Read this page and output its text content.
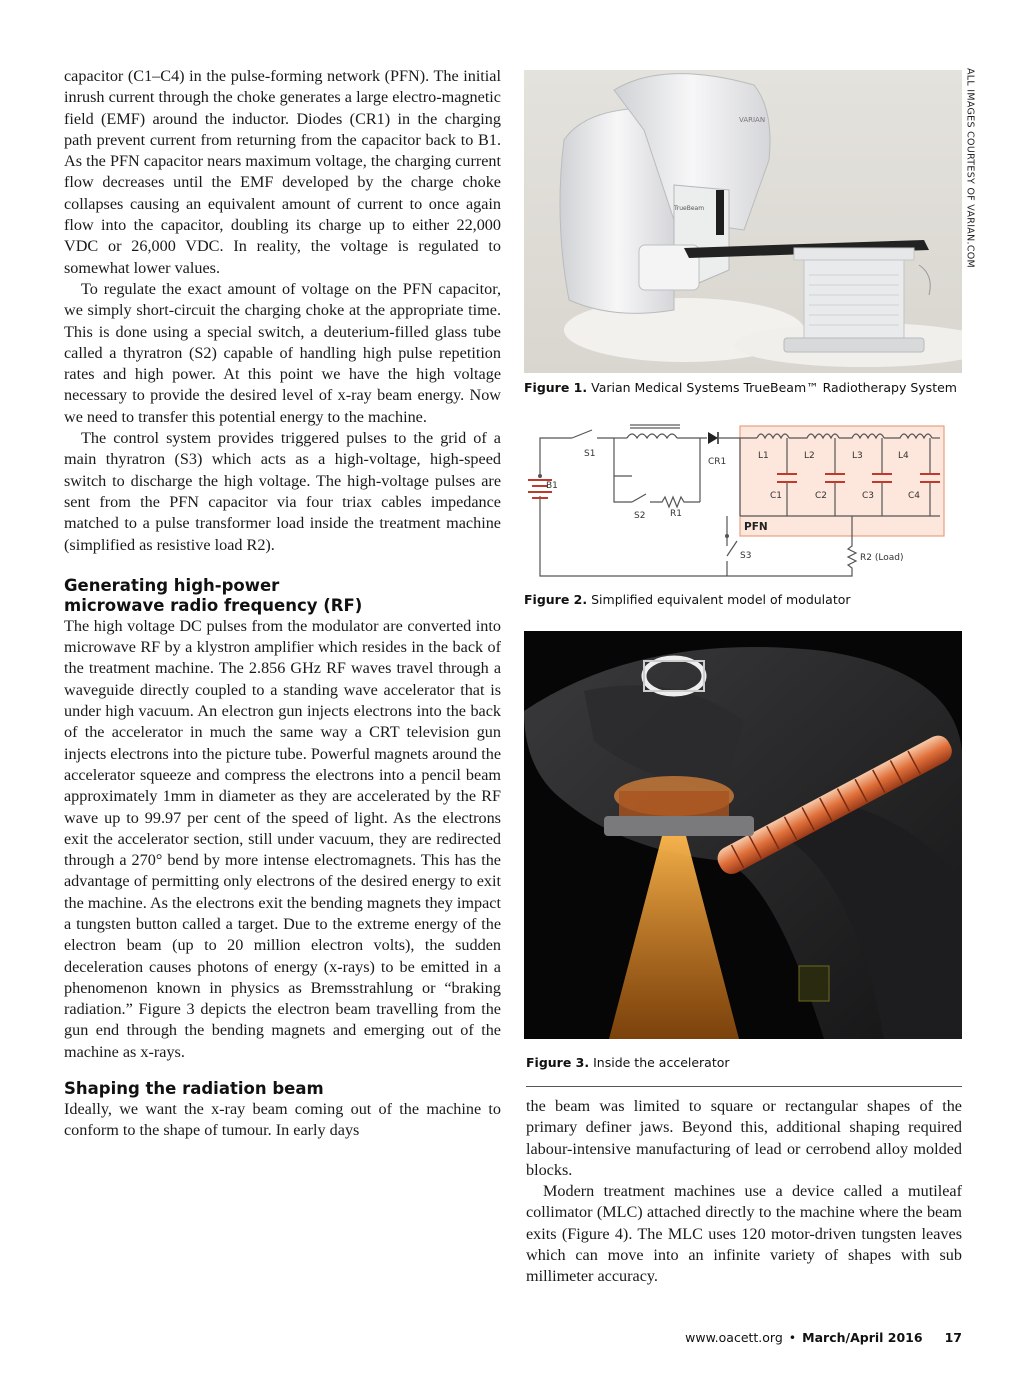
capacitor (C1–C4) in the pulse-forming network (PFN). The initial inrush current through the choke generates a large electro-magnetic field (EMF) around the inductor. Diodes (CR1) in the charging path prevent current from returning from the capacitor back to B1. As the PFN capacitor nears maximum voltage, the charging current flow decreases until the EMF developed by the charge choke collapses causing an equivalent amount of current to once again flow into the capacitor, doubling its charge up to either 22,000 VDC or 26,000 VDC. In reality, the voltage is regulated to somewhat lower values.

To regulate the exact amount of voltage on the PFN capacitor, we simply short-circuit the charging choke at the appropriate time. This is done using a special switch, a deuterium-filled glass tube called a thyratron (S2) capable of handling high pulse repetition rates and high power. At this point we have the high voltage necessary to provide the desired level of x-ray beam energy. Now we need to transfer this potential energy to the machine.

The control system provides triggered pulses to the grid of a main thyratron (S3) which acts as a high-voltage, high-speed switch to discharge the high voltage. The high-voltage pulses are sent from the PFN capacitor via four triax cables impedance matched to a pulse transformer load inside the treatment machine (simplified as resistive load R2).

Generating high-power microwave radio frequency (RF)

The high voltage DC pulses from the modulator are converted into microwave RF by a klystron amplifier which resides in the back of the treatment machine. The 2.856 GHz RF waves travel through a waveguide directly coupled to a standing wave accelerator that is under high vacuum. An electron gun injects electrons into the back of the accelerator in much the same way a CRT television gun injects electrons into the picture tube. Powerful magnets around the accelerator squeeze and compress the electrons into a pencil beam approximately 1mm in diameter as they are accelerated by the RF wave up to 99.97 per cent of the speed of light. As the electrons exit the accelerator section, still under vacuum, they are redirected through a 270° bend by more intense electromagnets. This has the advantage of permitting only electrons of the desired energy to exit the machine. As the electrons exit the bending magnets they impact a tungsten button called a target. Due to the extreme energy of the electron beam (up to 20 million electron volts), the sudden deceleration causes photons of energy (x-rays) to be emitted in a phenomenon known in physics as Bremsstrahlung or “braking radiation.” Figure 3 depicts the electron beam travelling from the gun end through the bending magnets and emerging out of the machine as x-rays.

Shaping the radiation beam

Ideally, we want the x-ray beam coming out of the machine to conform to the shape of tumour. In early days

VARIAN
TrueBeam	ALL IMAGES COURTESY OF VARIAN.COM
Figure 1. Varian Medical Systems TrueBeam™ Radiotherapy System
S1
CR1
B1
S2	R1
L1	L2	L3	L4
C1	C2	C3	C4
PFN
S3	R2 (Load)
Figure 2. Simplified equivalent model of modulator
Figure 3. Inside the accelerator

the beam was limited to square or rectangular shapes of the primary definer jaws. Beyond this, additional shaping required labour-intensive manufacturing of lead or cerrobend alloy molded blocks.

Modern treatment machines use a device called a mutileaf collimator (MLC) attached directly to the machine where the beam exits (Figure 4). The MLC uses 120 motor-driven tungsten leaves which can move into an infinite variety of shapes with sub millimeter accuracy.

www.oacett.org • March/April 2016 17
